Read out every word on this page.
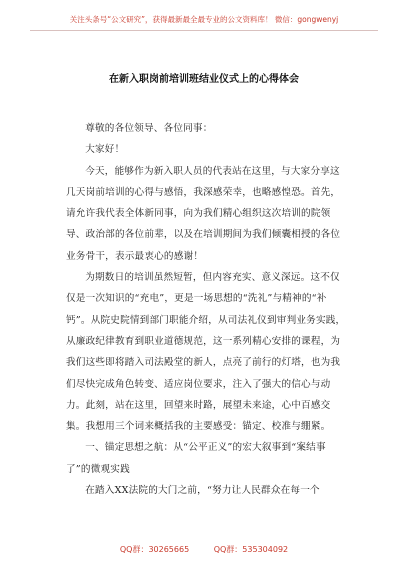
关注头条号“公文研究”，获得最新最全最专业的公文资料库！ 微信：gongwenyj
在新入职岗前培训班结业仪式上的心得体会

尊敬的各位领导、各位同事：

大家好！

今天，能够作为新入职人员的代表站在这里，与大家分享这几天岗前培训的心得与感悟，我深感荣幸，也略感惶恐。首先，请允许我代表全体新同事，向为我们精心组织这次培训的院领导、政治部的各位前辈，以及在培训期间为我们倾囊相授的各位业务骨干，表示最衷心的感谢！

为期数日的培训虽然短暂，但内容充实、意义深远。这不仅仅是一次知识的“充电”，更是一场思想的“洗礼”与精神的“补钙”。从院史院情到部门职能介绍，从司法礼仪到审判业务实践，从廉政纪律教育到职业道德规范，这一系列精心安排的课程，为我们这些即将踏入司法殿堂的新人，点亮了前行的灯塔，也为我们尽快完成角色转变、适应岗位要求，注入了强大的信心与动力。此刻，站在这里，回望来时路，展望未来途，心中百感交集。我想用三个词来概括我的主要感受：锚定、校准与绷紧。

一、锚定思想之航：从“公平正义”的宏大叙事到“案结事了”的微观实践

在踏入XX法院的大门之前，“努力让人民群众在每一个

QQ群：30265665	QQ群：535304092
